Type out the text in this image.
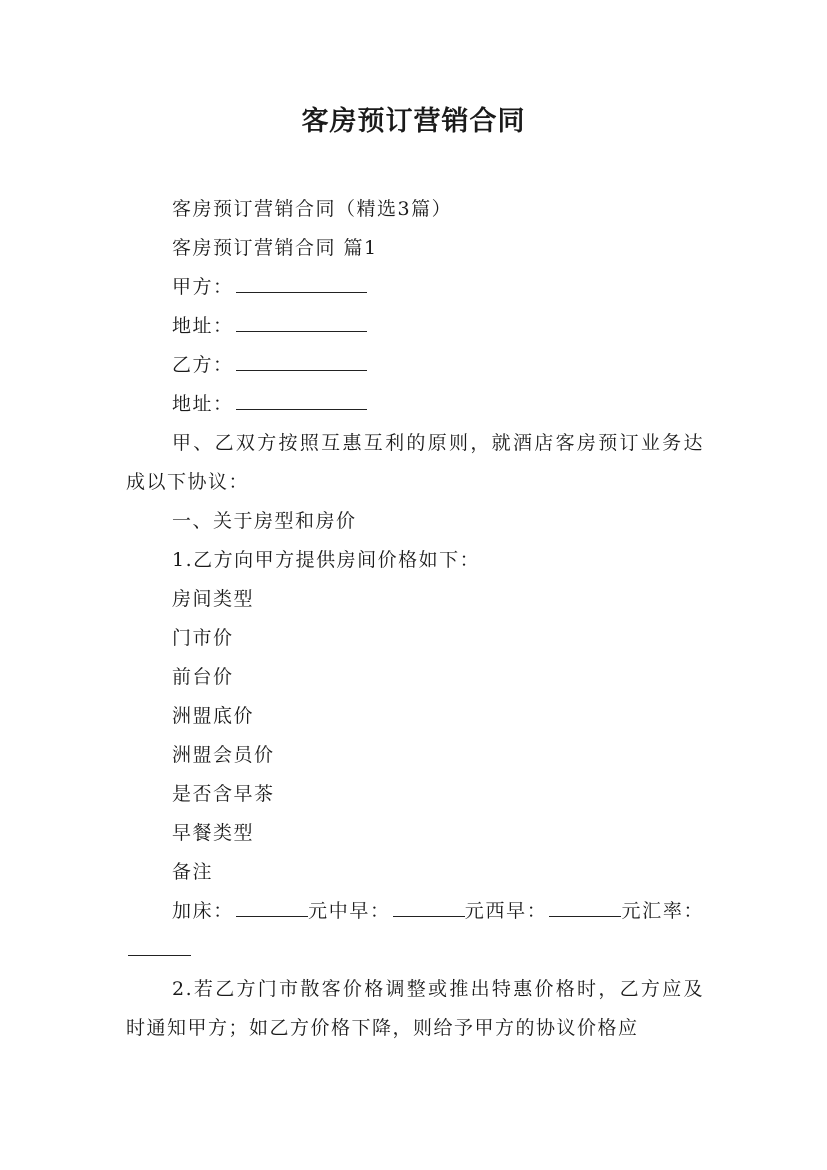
客房预订营销合同

客房预订营销合同（精选3篇）

客房预订营销合同 篇1

甲方：

地址：

乙方：

地址：

甲、乙双方按照互惠互利的原则，就酒店客房预订业务达成以下协议：

一、关于房型和房价

1.乙方向甲方提供房间价格如下：

房间类型

门市价

前台价

洲盟底价

洲盟会员价

是否含早茶

早餐类型

备注

加床：	元中早：	元西早：	元汇率：

2.若乙方门市散客价格调整或推出特惠价格时，乙方应及时通知甲方；如乙方价格下降，则给予甲方的协议价格应
